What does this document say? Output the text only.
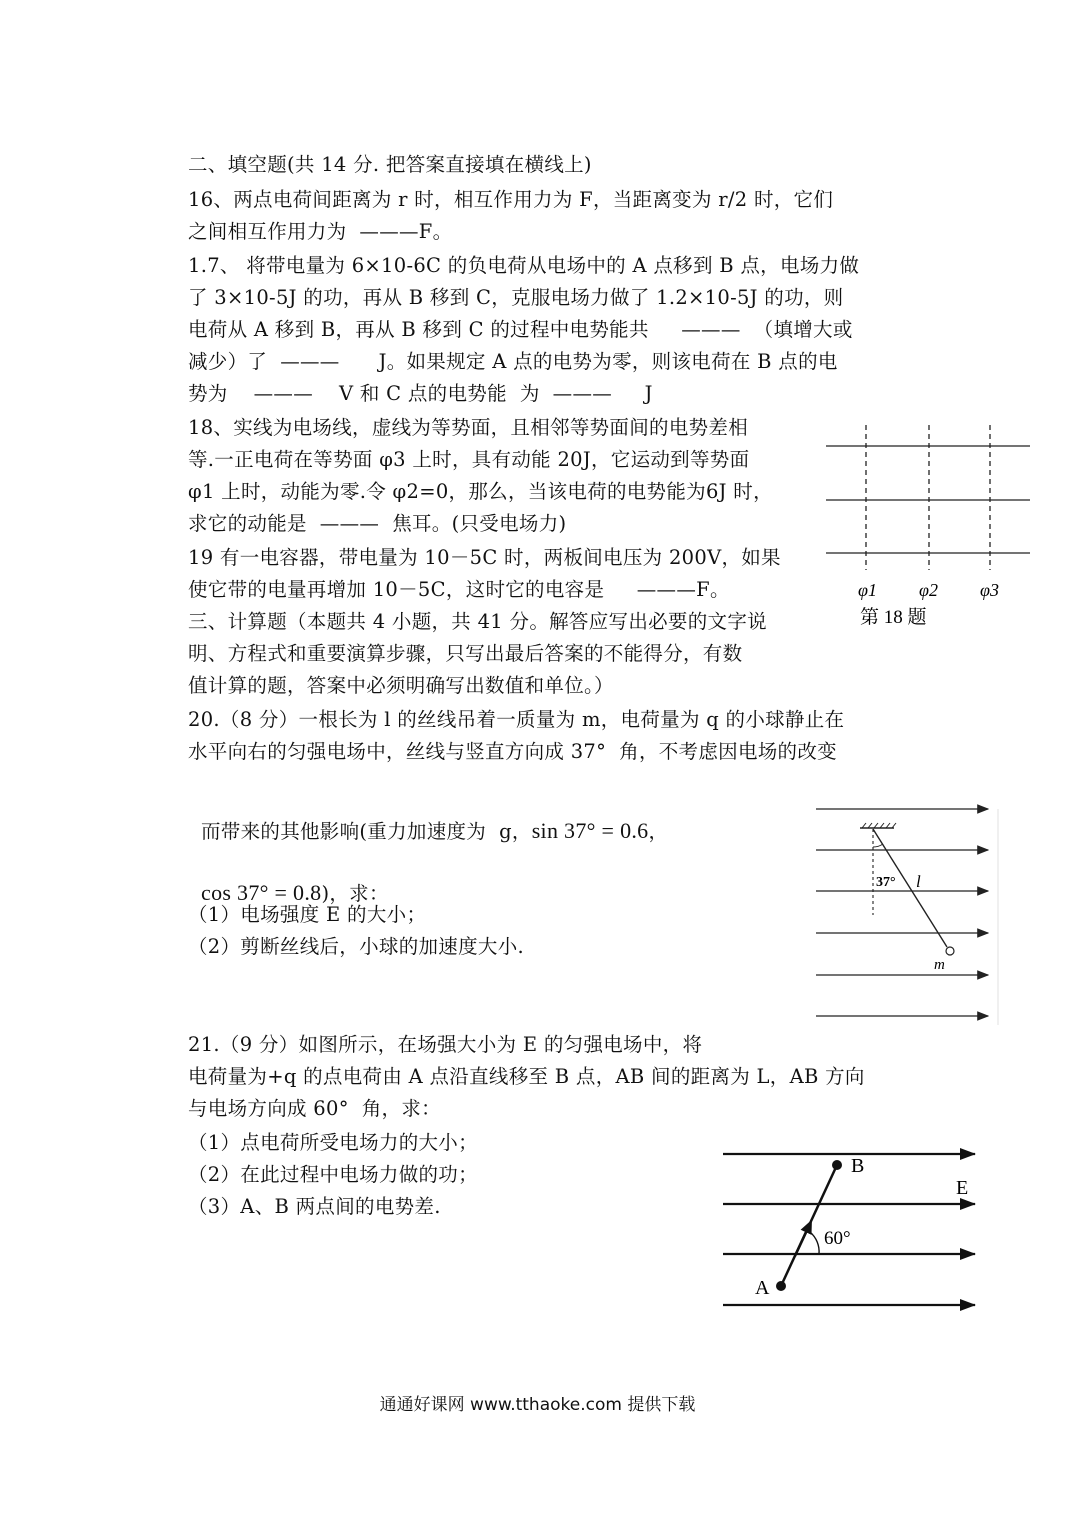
二、填空题(共 14 分. 把答案直接填在横线上)
16、两点电荷间距离为 r 时，相互作用力为 F，当距离变为 r/2 时，它们
之间相互作用力为  ———F。
1.7、 将带电量为 6×10-6C 的负电荷从电场中的 A 点移到 B 点，电场力做
了 3×10-5J 的功，再从 B 移到 C，克服电场力做了 1.2×10-5J 的功，则
电荷从 A 移到 B，再从 B 移到 C 的过程中电势能共     ———  （填增大或
减少）了  ———      J。如果规定 A 点的电势为零，则该电荷在 B 点的电
势为    ———    V 和 C 点的电势能  为  ———     J
18、实线为电场线，虚线为等势面，且相邻等势面间的电势差相
等.一正电荷在等势面 φ3 上时，具有动能 20J，它运动到等势面
φ1 上时，动能为零.令 φ2=0，那么，当该电荷的电势能为6J 时，
求它的动能是  ———  焦耳。(只受电场力)
19 有一电容器，带电量为 10－5C 时，两板间电压为 200V，如果
使它带的电量再增加 10－5C，这时它的电容是     ———F。
三、计算题（本题共 4 小题，共 41 分。解答应写出必要的文字说
明、方程式和重要演算步骤，只写出最后答案的不能得分，有数
值计算的题，答案中必须明确写出数值和单位。）
20.（8 分）一根长为 l 的丝线吊着一质量为 m，电荷量为 q 的小球静止在
水平向右的匀强电场中，丝线与竖直方向成 37°  角，不考虑因电场的改变

而带来的其他影响(重力加速度为  g，sin 37° = 0.6，

cos 37° = 0.8)，求：

（1）电场强度 E 的大小；
（2）剪断丝线后，小球的加速度大小.
21.（9 分）如图所示，在场强大小为 E 的匀强电场中，将
电荷量为+q 的点电荷由 A 点沿直线移至 B 点，AB 间的距离为 L，AB 方向
与电场方向成 60°  角，求：
（1）点电荷所受电场力的大小；
（2）在此过程中电场力做的功；
（3）A、B 两点间的电势差.
φ1 φ2 φ3
第 18 题
37° l
m
B
E
60°
A
通通好课网 www.tthaoke.com 提供下载
